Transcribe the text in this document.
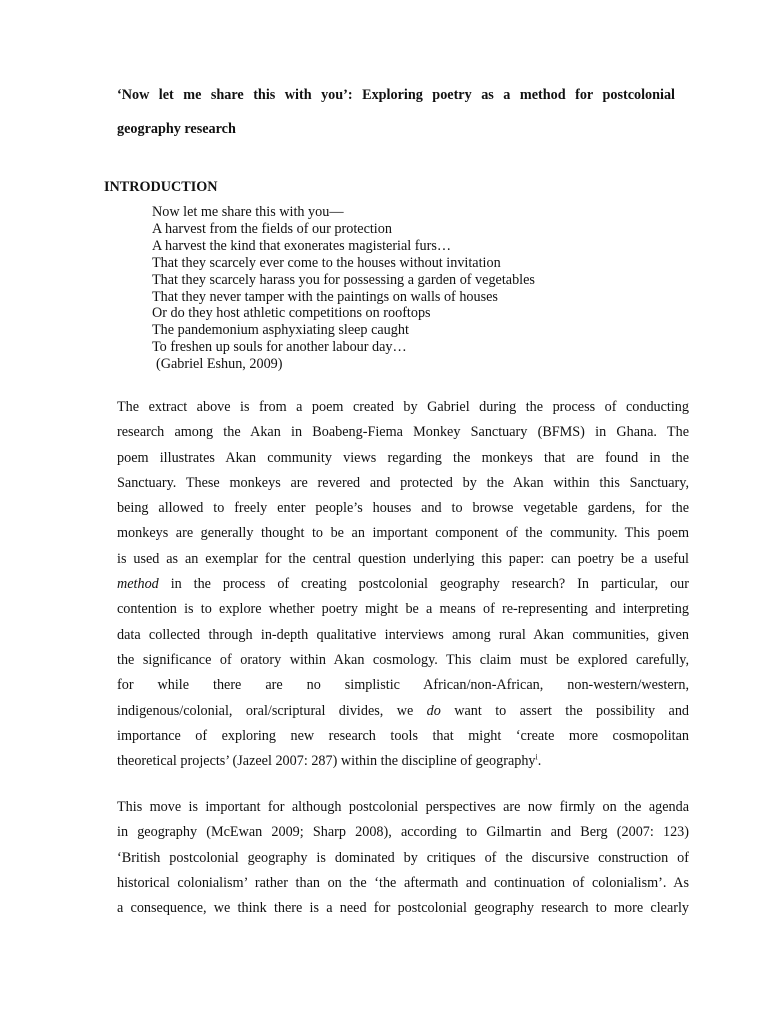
‘Now let me share this with you’: Exploring poetry as a method for postcolonial
geography research
INTRODUCTION
Now let me share this with you—
A harvest from the fields of our protection
A harvest the kind that exonerates magisterial furs…
That they scarcely ever come to the houses without invitation
That they scarcely harass you for possessing a garden of vegetables
That they never tamper with the paintings on walls of houses
Or do they host athletic competitions on rooftops
The pandemonium asphyxiating sleep caught
To freshen up souls for another labour day…
(Gabriel Eshun, 2009)
The extract above is from a poem created by Gabriel during the process of conducting
research among the Akan in Boabeng-Fiema Monkey Sanctuary (BFMS) in Ghana. The
poem illustrates Akan community views regarding the monkeys that are found in the
Sanctuary. These monkeys are revered and protected by the Akan within this Sanctuary,
being allowed to freely enter people’s houses and to browse vegetable gardens, for the
monkeys are generally thought to be an important component of the community. This poem
is used as an exemplar for the central question underlying this paper: can poetry be a useful
method in the process of creating postcolonial geography research? In particular, our
contention is to explore whether poetry might be a means of re-representing and interpreting
data collected through in-depth qualitative interviews among rural Akan communities, given
the significance of oratory within Akan cosmology. This claim must be explored carefully,
for while there are no simplistic African/non-African, non-western/western,
indigenous/colonial, oral/scriptural divides, we do want to assert the possibility and
importance of exploring new research tools that might ‘create more cosmopolitan
theoretical projects’ (Jazeel 2007: 287) within the discipline of geography$^i$.
This move is important for although postcolonial perspectives are now firmly on the agenda
in geography (McEwan 2009; Sharp 2008), according to Gilmartin and Berg (2007: 123)
‘British postcolonial geography is dominated by critiques of the discursive construction of
historical colonialism’ rather than on the ‘the aftermath and continuation of colonialism’. As
a consequence, we think there is a need for postcolonial geography research to more clearly
